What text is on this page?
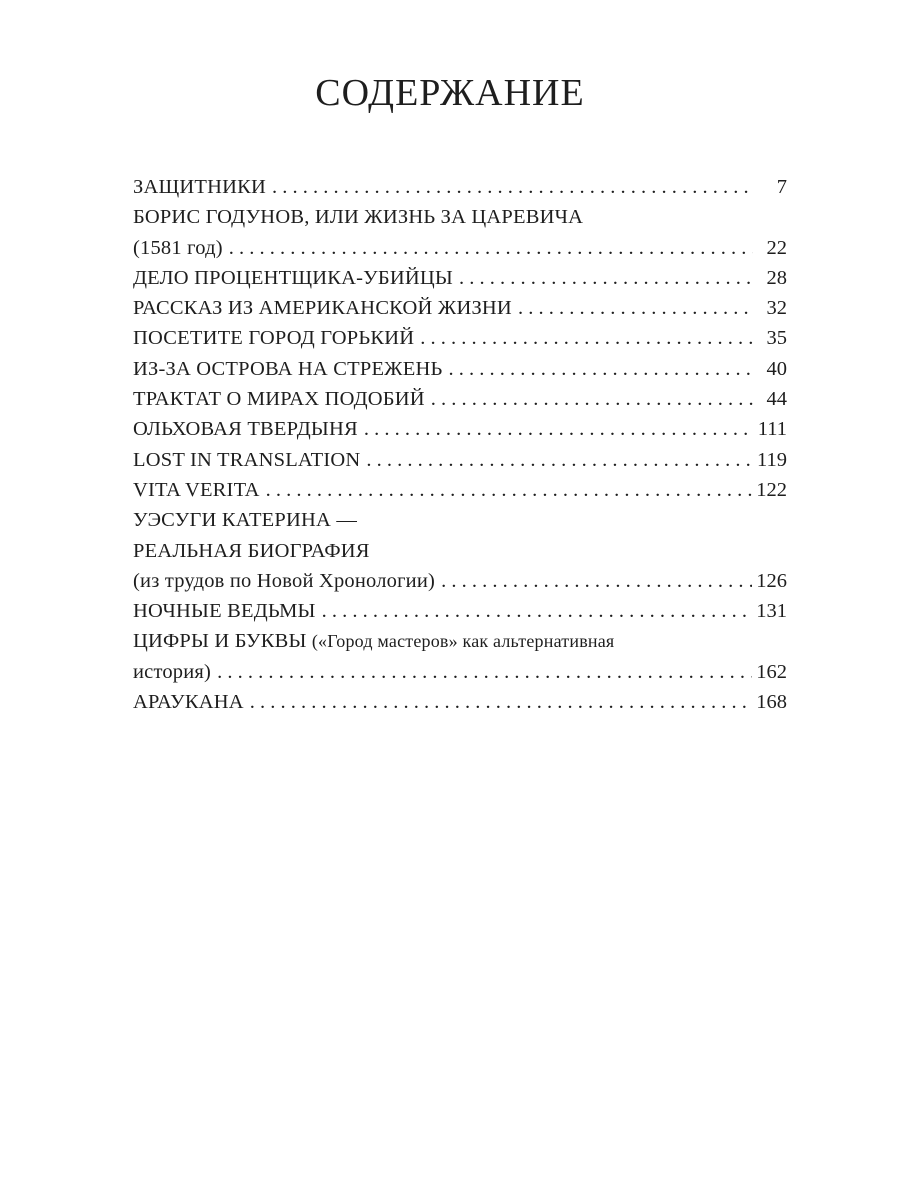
СОДЕРЖАНИЕ
ЗАЩИТНИКИ . . .	7
БОРИС ГОДУНОВ, ИЛИ ЖИЗНЬ ЗА ЦАРЕВИЧА
(1581 год) . . .	22
ДЕЛО ПРОЦЕНТЩИКА-УБИЙЦЫ . . .	28
РАССКАЗ ИЗ АМЕРИКАНСКОЙ ЖИЗНИ . . .	32
ПОСЕТИТЕ ГОРОД ГОРЬКИЙ . . .	35
ИЗ-ЗА ОСТРОВА НА СТРЕЖЕНЬ . . .	40
ТРАКТАТ О МИРАХ ПОДОБИЙ . . .	44
ОЛЬХОВАЯ ТВЕРДЫНЯ . . .	111
LOST IN TRANSLATION . . .	119
VITA VERITA . . .	122
УЭСУГИ КАТЕРИНА —
РЕАЛЬНАЯ БИОГРАФИЯ
(из трудов по Новой Хронологии) . . .	126
НОЧНЫЕ ВЕДЬМЫ . . .	131
ЦИФРЫ И БУКВЫ («Город мастеров» как альтернативная
история) . . .	162
АРАУКАНА . . .	168
